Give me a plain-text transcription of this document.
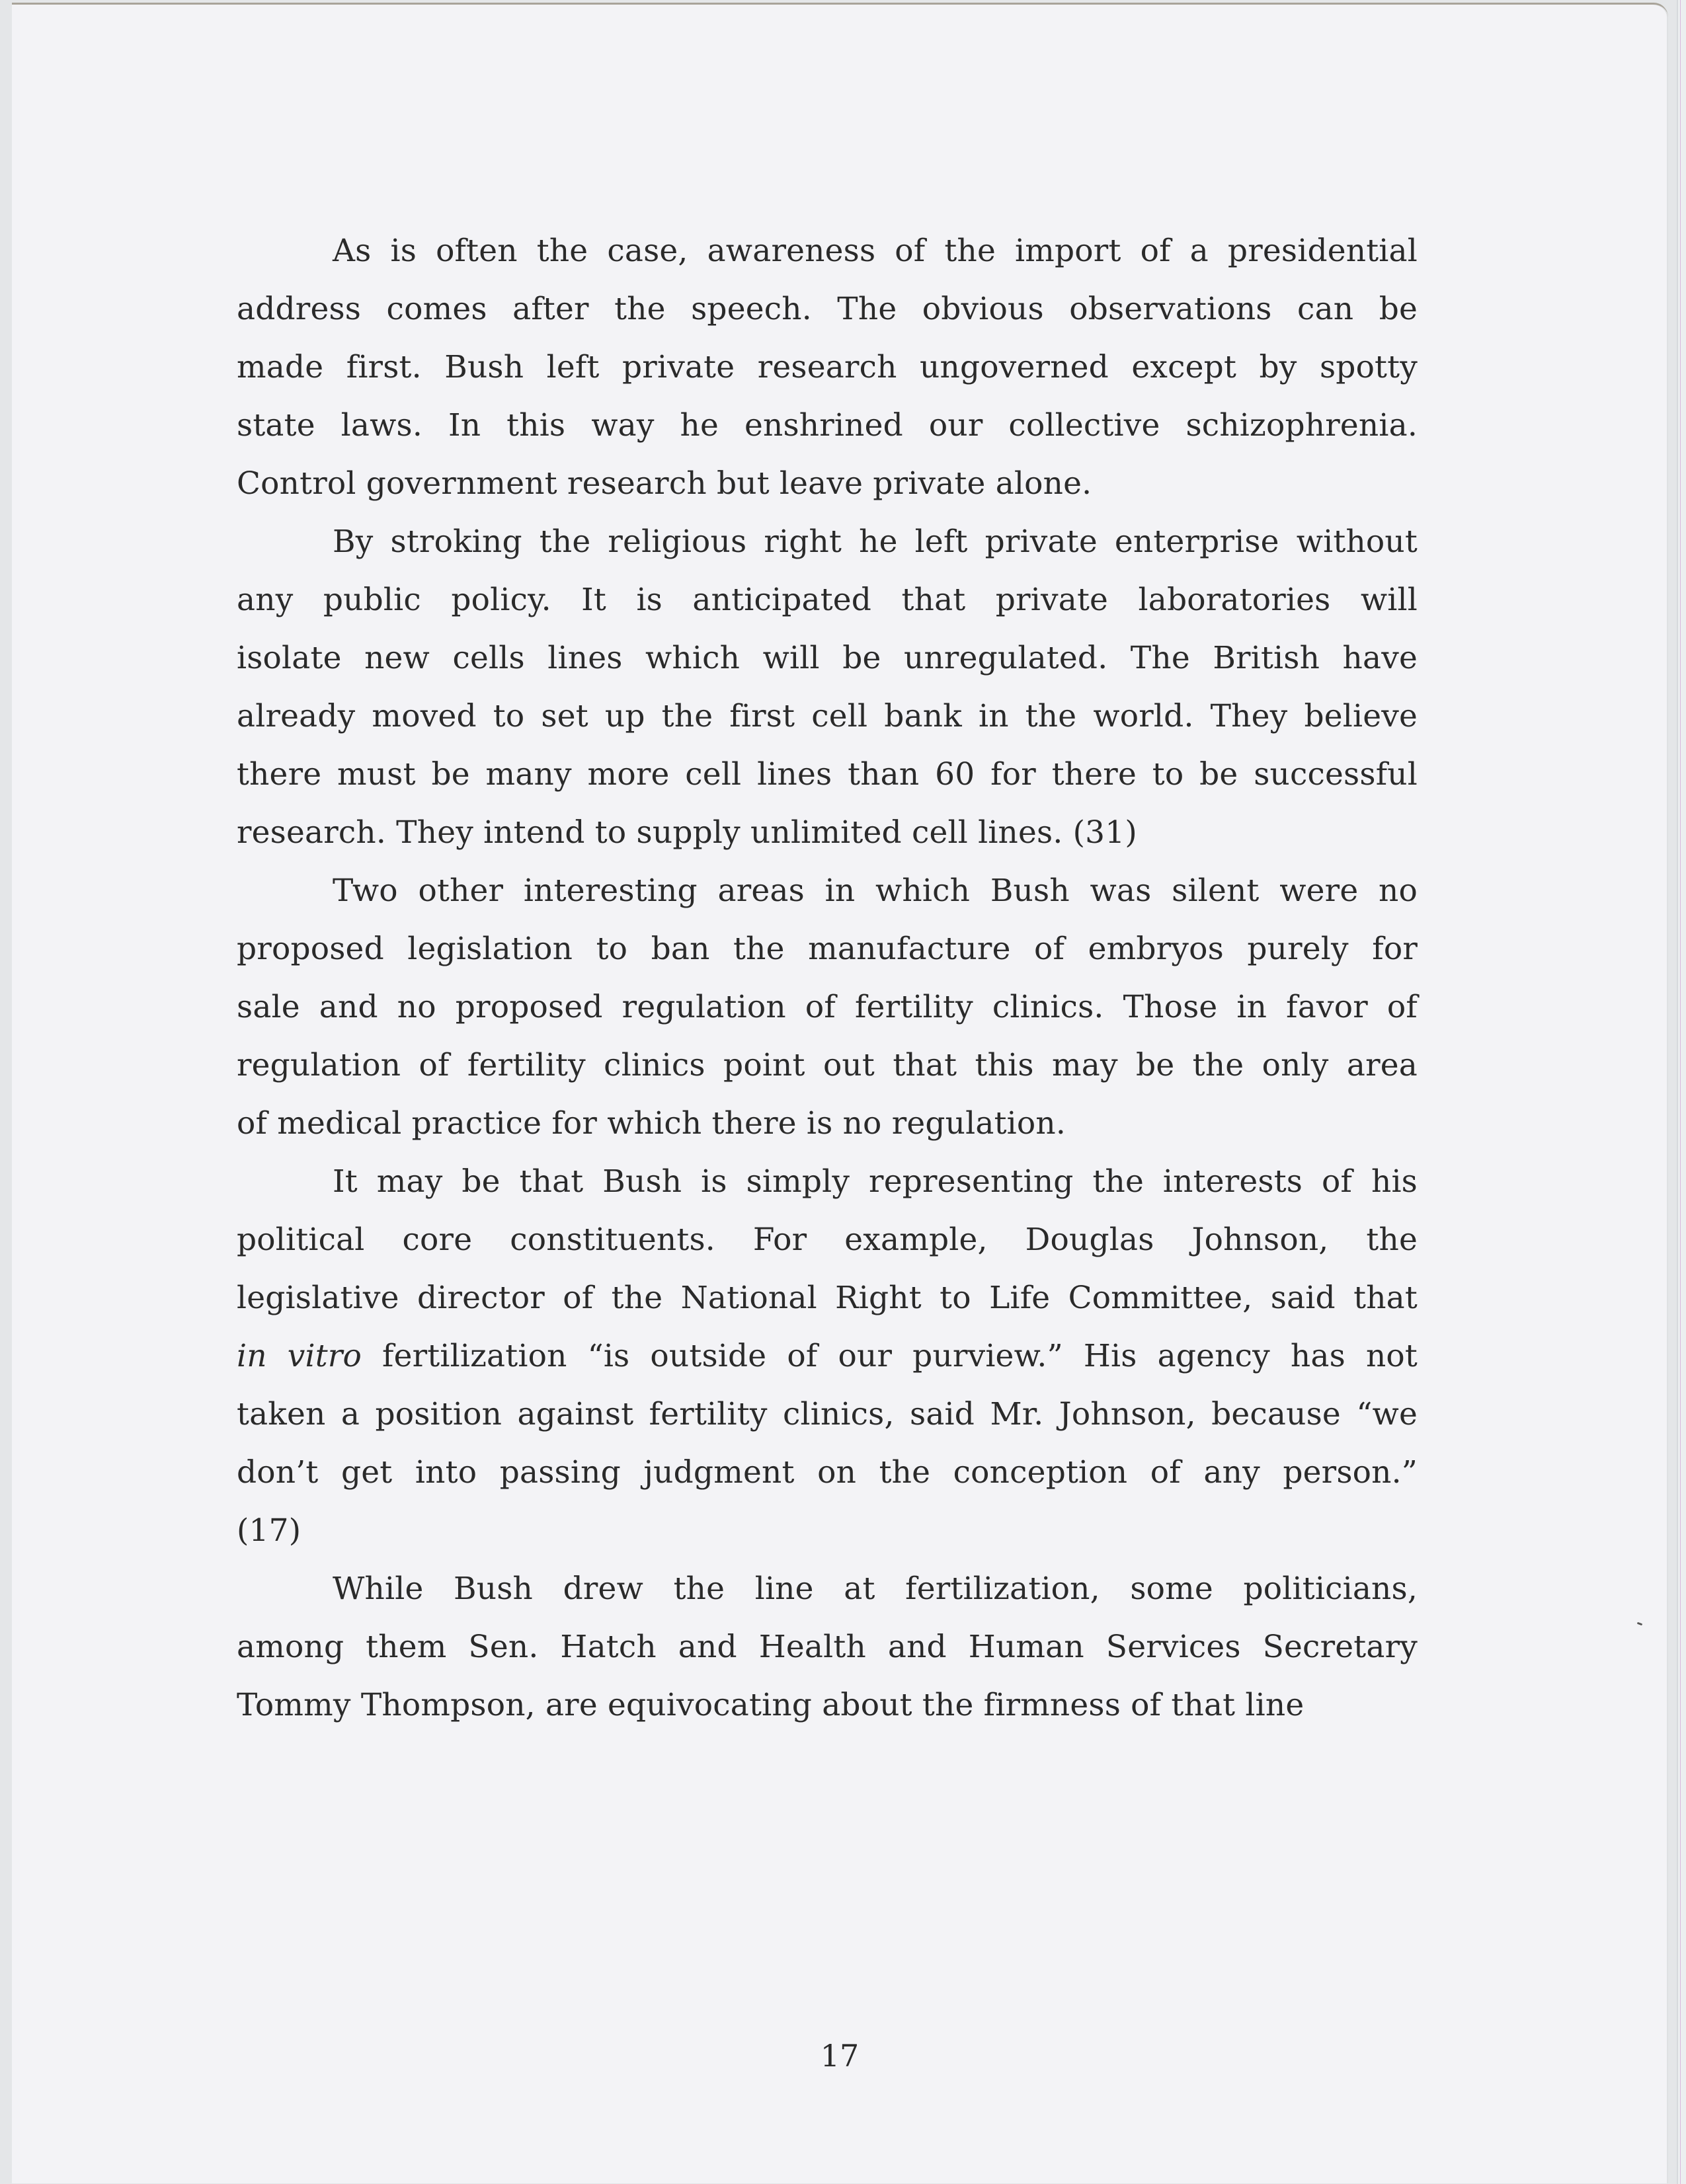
As is often the case, awareness of the import of a presidential
address comes after the speech. The obvious observations can be
made first. Bush left private research ungoverned except by spotty
state laws. In this way he enshrined our collective schizophrenia.
Control government research but leave private alone.
By stroking the religious right he left private enterprise without
any public policy. It is anticipated that private laboratories will
isolate new cells lines which will be unregulated. The British have
already moved to set up the first cell bank in the world. They believe
there must be many more cell lines than 60 for there to be successful
research. They intend to supply unlimited cell lines. (31)
Two other interesting areas in which Bush was silent were no
proposed legislation to ban the manufacture of embryos purely for
sale and no proposed regulation of fertility clinics. Those in favor of
regulation of fertility clinics point out that this may be the only area
of medical practice for which there is no regulation.
It may be that Bush is simply representing the interests of his
political core constituents. For example, Douglas Johnson, the
legislative director of the National Right to Life Committee, said that
in vitro fertilization “is outside of our purview.” His agency has not
taken a position against fertility clinics, said Mr. Johnson, because “we
don’t get into passing judgment on the conception of any person.”
(17)
While Bush drew the line at fertilization, some politicians,
among them Sen. Hatch and Health and Human Services Secretary
Tommy Thompson, are equivocating about the firmness of that line
17
